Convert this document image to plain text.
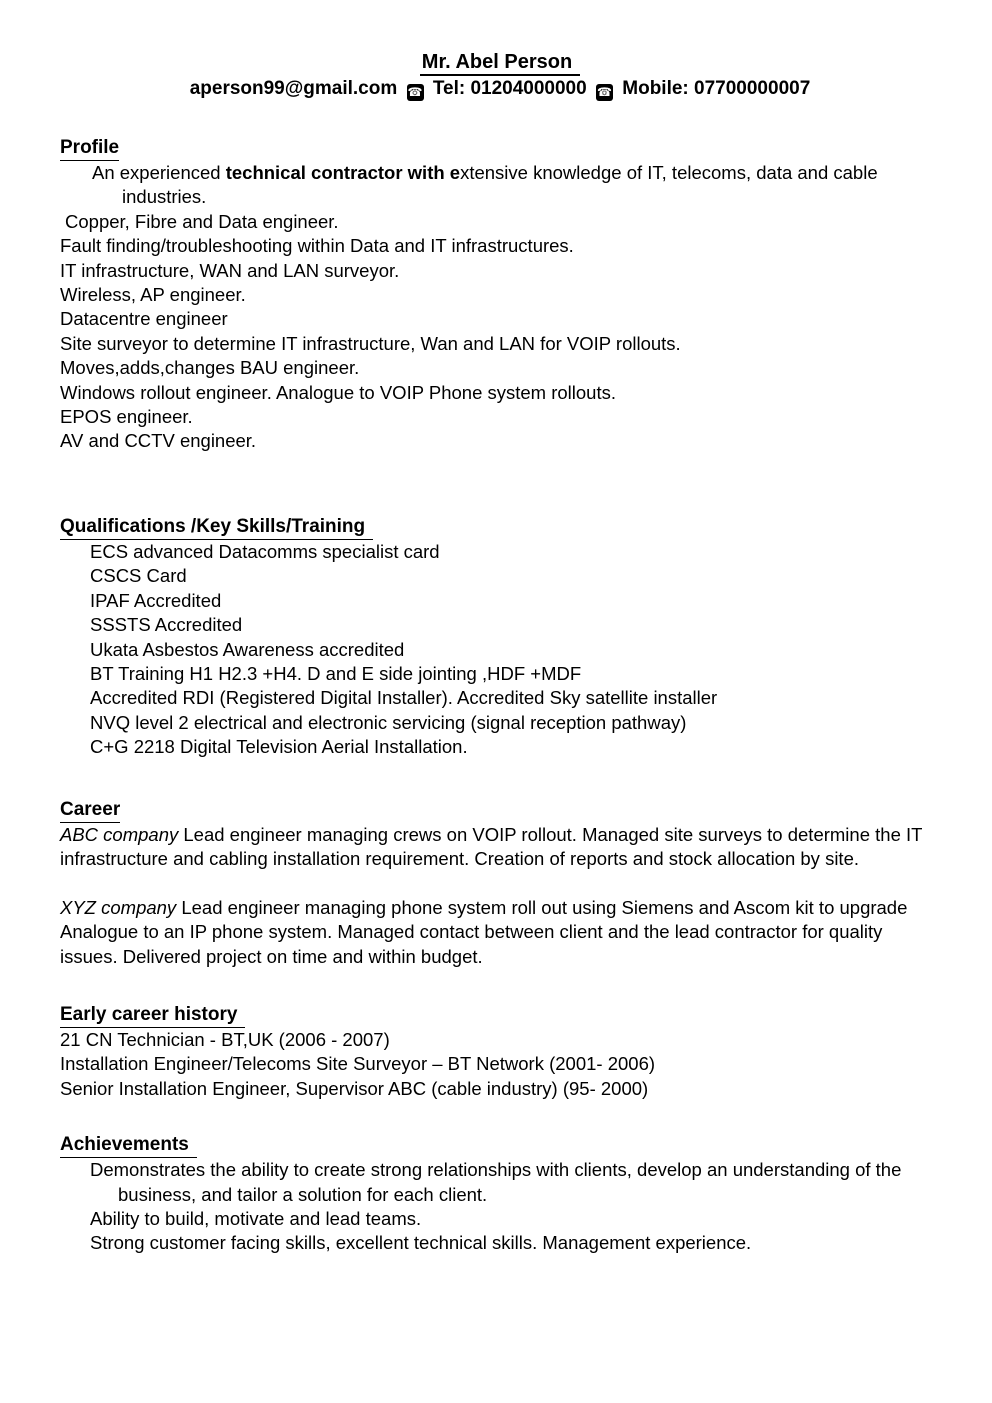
Mr. Abel Person
aperson99@gmail.com ☎ Tel: 01204000000 ☎ Mobile: 07700000007
Profile
An experienced technical contractor with extensive knowledge of IT, telecoms, data and cable industries.
Copper, Fibre and Data engineer.
Fault finding/troubleshooting within Data and IT infrastructures.
IT infrastructure, WAN and LAN surveyor.
Wireless, AP engineer.
Datacentre engineer
Site surveyor to determine IT infrastructure, Wan and LAN for VOIP rollouts.
Moves,adds,changes BAU engineer.
Windows rollout engineer. Analogue to VOIP Phone system rollouts.
EPOS engineer.
AV and CCTV engineer.
Qualifications /Key Skills/Training
ECS advanced Datacomms specialist card
CSCS Card
IPAF Accredited
SSSTS Accredited
Ukata Asbestos Awareness accredited
BT Training H1 H2.3 +H4. D and E side jointing ,HDF +MDF
Accredited RDI (Registered Digital Installer). Accredited Sky satellite installer
NVQ level 2 electrical and electronic servicing (signal reception pathway)
C+G 2218 Digital Television Aerial Installation.
Career

ABC company Lead engineer managing crews on VOIP rollout. Managed site surveys to determine the IT infrastructure and cabling installation requirement. Creation of reports and stock allocation by site.

XYZ company Lead engineer managing phone system roll out using Siemens and Ascom kit to upgrade Analogue to an IP phone system. Managed contact between client and the lead contractor for quality issues. Delivered project on time and within budget.

Early career history
21 CN Technician - BT,UK (2006 - 2007)
Installation Engineer/Telecoms Site Surveyor – BT Network (2001- 2006)
Senior Installation Engineer, Supervisor ABC (cable industry) (95- 2000)
Achievements
Demonstrates the ability to create strong relationships with clients, develop an understanding of the business, and tailor a solution for each client.
Ability to build, motivate and lead teams.
Strong customer facing skills, excellent technical skills. Management experience.
